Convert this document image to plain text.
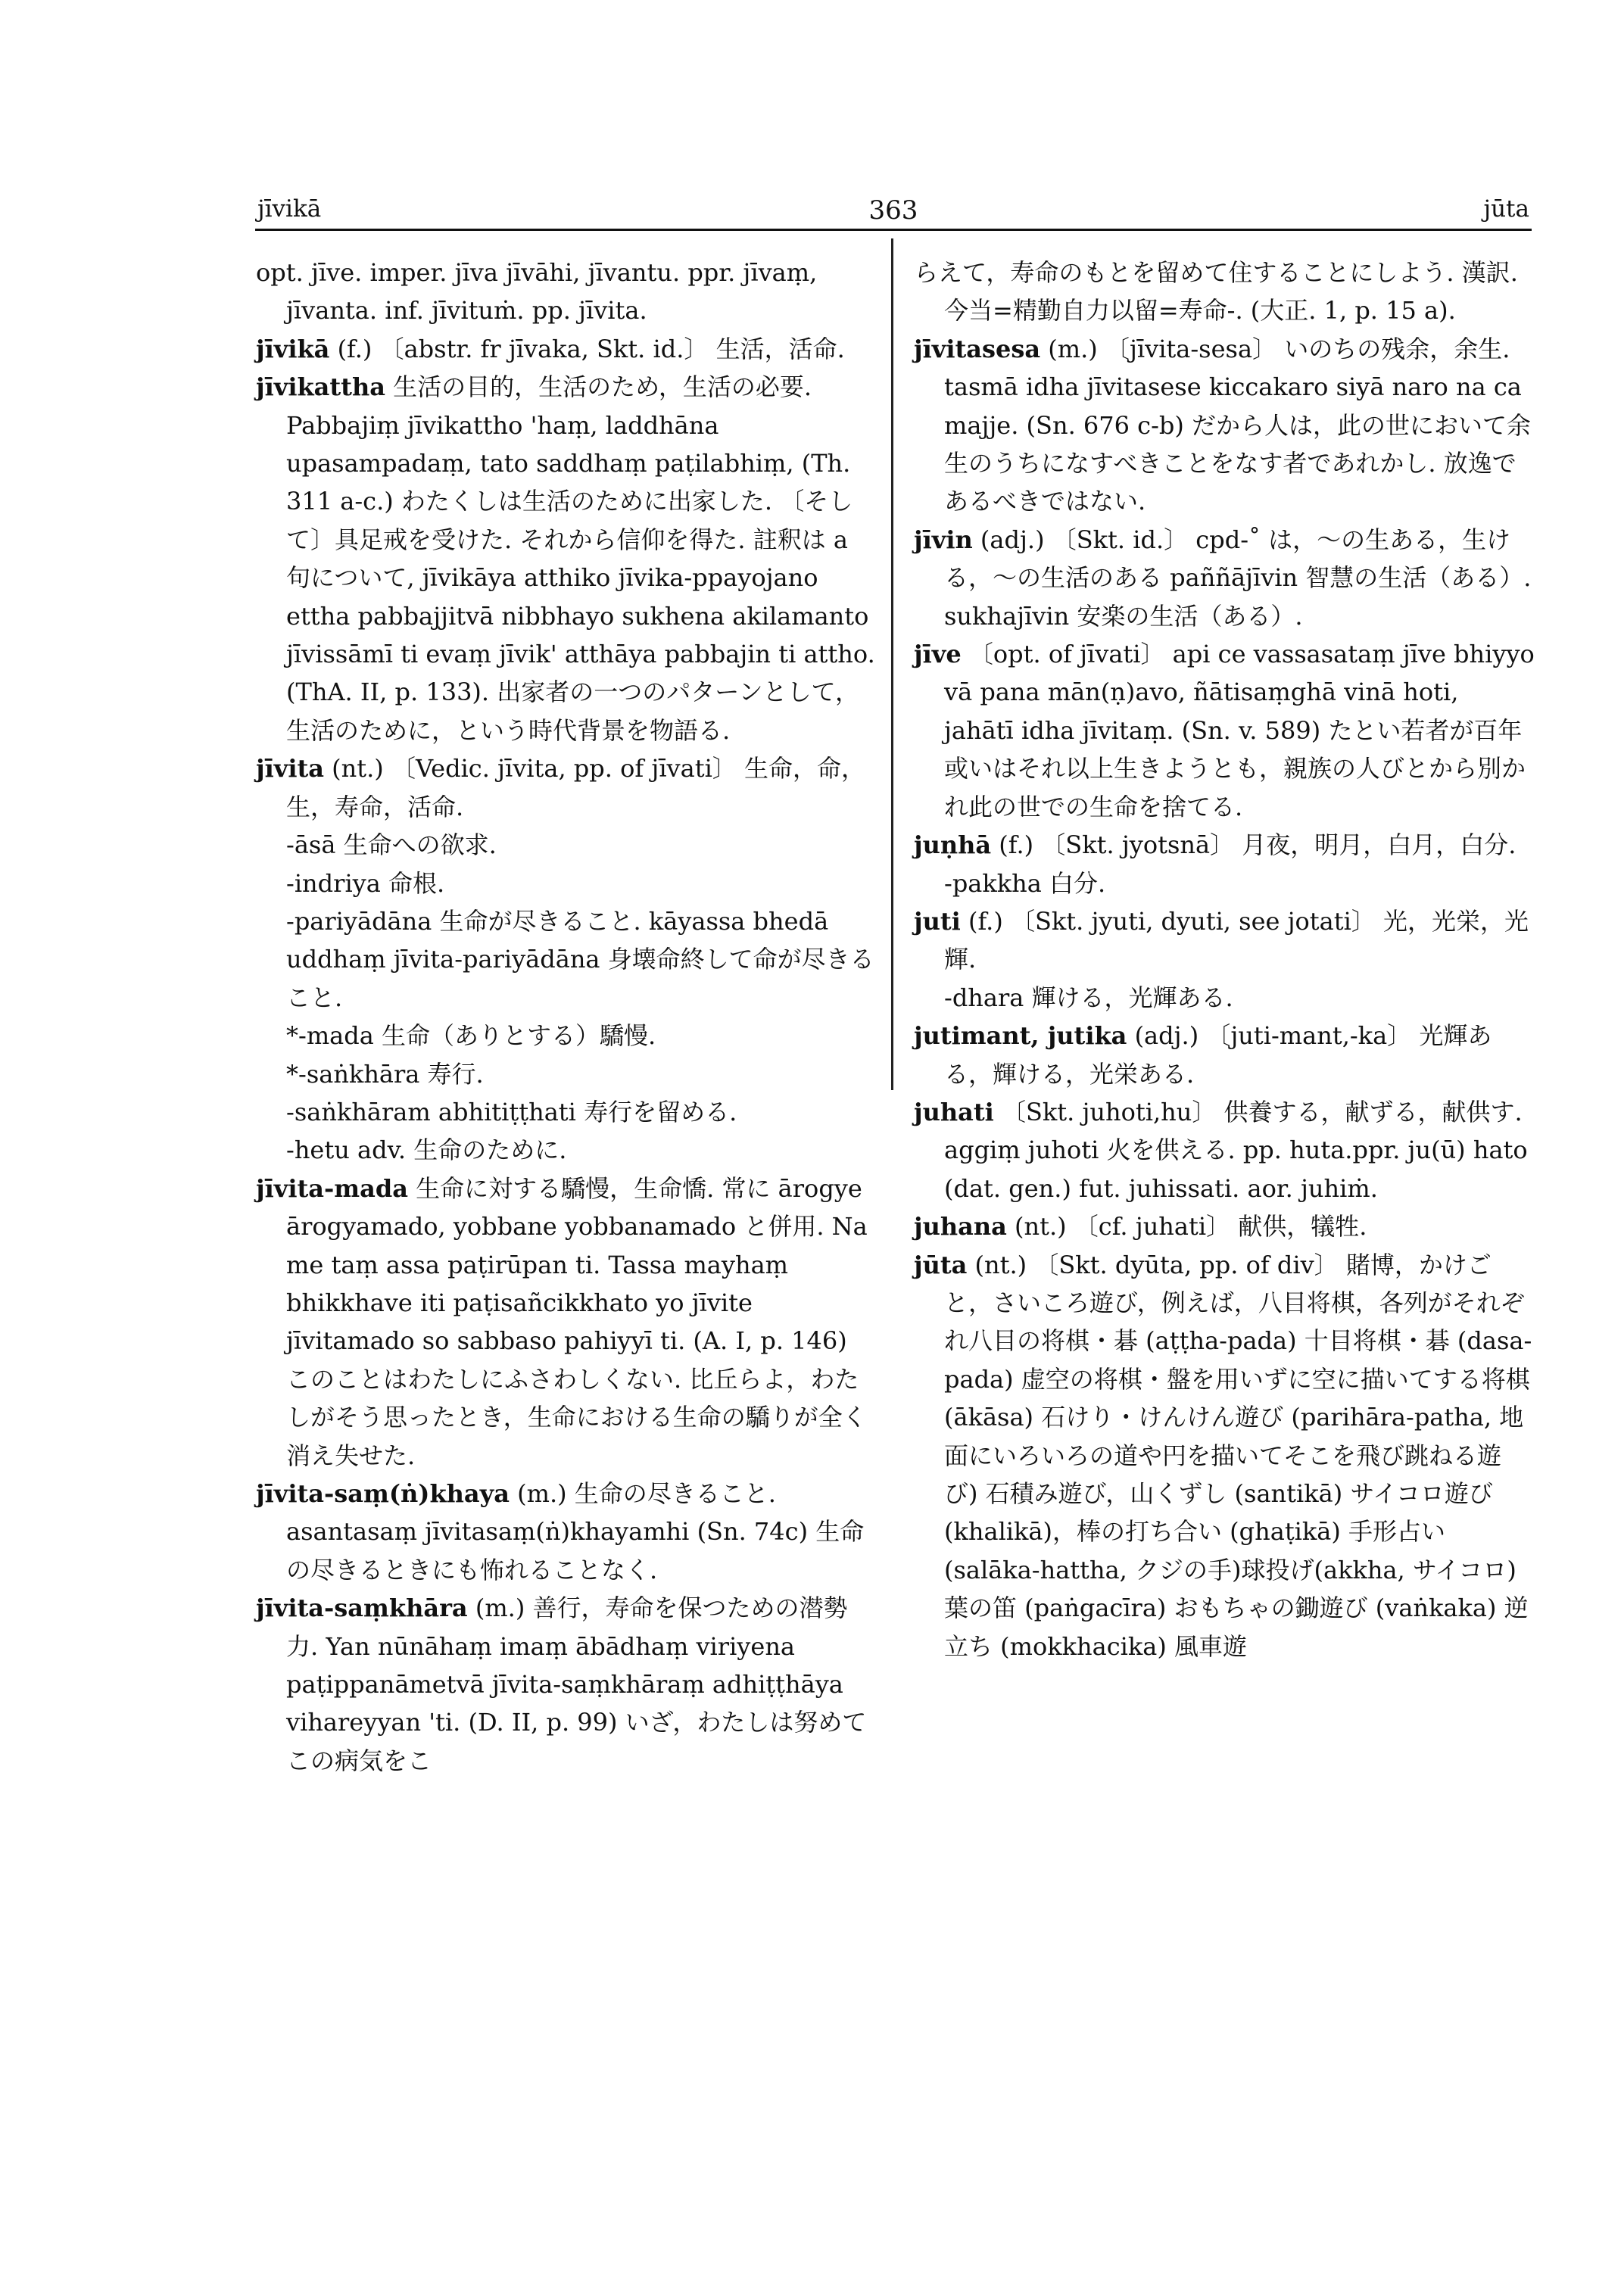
jīvikā	363	jūta

opt. jīve. imper. jīva jīvāhi, jīvantu. ppr. jīvaṃ, jīvanta. inf. jīvituṁ. pp. jīvita.

jīvikā (f.) 〔abstr. fr jīvaka, Skt. id.〕 生活，活命.

jīvikattha 生活の目的，生活のため，生活の必要. Pabbajiṃ jīvikattho 'haṃ, laddhāna upasampadaṃ, tato saddhaṃ paṭilabhiṃ, (Th. 311 a-c.) わたくしは生活のために出家した. 〔そして〕具足戒を受けた. それから信仰を得た. 註釈は a 句について, jīvikāya atthiko jīvika-ppayojano ettha pabbajjitvā nibbhayo sukhena akilamanto jīvissāmī ti evaṃ jīvik' atthāya pabbajin ti attho. (ThA. II, p. 133). 出家者の一つのパターンとして，生活のために，という時代背景を物語る.

jīvita (nt.) 〔Vedic. jīvita, pp. of jīvati〕 生命，命，生，寿命，活命.

-āsā 生命への欲求.

-indriya 命根.

-pariyādāna 生命が尽きること. kāyassa bhedā uddhaṃ jīvita-pariyādāna 身壊命終して命が尽きること.

*-mada 生命（ありとする）驕慢.

*-saṅkhāra 寿行.

-saṅkhāram abhitiṭṭhati 寿行を留める.

-hetu adv. 生命のために.

jīvita-mada 生命に対する驕慢，生命憍. 常に ārogye ārogyamado, yobbane yobbanamado と併用. Na me taṃ assa paṭirūpan ti. Tassa mayhaṃ bhikkhave iti paṭisañcikkhato yo jīvite jīvitamado so sabbaso pahiyyī ti. (A. I, p. 146) このことはわたしにふさわしくない. 比丘らよ，わたしがそう思ったとき，生命における生命の驕りが全く消え失せた.

jīvita-saṃ(ṅ)khaya (m.) 生命の尽きること. asantasaṃ jīvitasaṃ(ṅ)khayamhi (Sn. 74c) 生命の尽きるときにも怖れることなく.

jīvita-saṃkhāra (m.) 善行，寿命を保つための潜勢力. Yan nūnāhaṃ imaṃ ābādhaṃ viriyena paṭippanāmetvā jīvita-saṃkhāraṃ adhiṭṭhāya vihareyyan 'ti. (D. II, p. 99) いざ，わたしは努めてこの病気をこ

らえて，寿命のもとを留めて住することにしよう. 漢訳. 今当=精勤自力以留=寿命-. (大正. 1, p. 15 a).

jīvitasesa (m.) 〔jīvita-sesa〕 いのちの残余，余生. tasmā idha jīvitasese kiccakaro siyā naro na ca majje. (Sn. 676 c-b) だから人は，此の世において余生のうちになすべきことをなす者であれかし. 放逸であるべきではない.

jīvin (adj.) 〔Skt. id.〕 cpd-˚ は，〜の生ある，生ける，〜の生活のある paññājīvin 智慧の生活（ある）. sukhajīvin 安楽の生活（ある）.

jīve 〔opt. of jīvati〕 api ce vassasataṃ jīve bhiyyo vā pana mān(ṇ)avo, ñātisaṃghā vinā hoti, jahātī idha jīvitaṃ. (Sn. v. 589) たとい若者が百年或いはそれ以上生きようとも，親族の人びとから別かれ此の世での生命を捨てる.

juṇhā (f.) 〔Skt. jyotsnā〕 月夜，明月，白月，白分.

-pakkha 白分.

juti (f.) 〔Skt. jyuti, dyuti, see jotati〕 光，光栄，光輝.

-dhara 輝ける，光輝ある.

jutimant, jutika (adj.) 〔juti-mant,-ka〕 光輝ある，輝ける，光栄ある.

juhati 〔Skt. juhoti,hu〕 供養する，献ずる，献供す. aggiṃ juhoti 火を供える. pp. huta.ppr. ju(ū) hato (dat. gen.) fut. juhissati. aor. juhiṁ.

juhana (nt.) 〔cf. juhati〕 献供，犠牲.

jūta (nt.) 〔Skt. dyūta, pp. of div〕 賭博，かけごと，さいころ遊び，例えば，八目将棋，各列がそれぞれ八目の将棋・碁 (aṭṭha-pada) 十目将棋・碁 (dasa-pada) 虚空の将棋・盤を用いずに空に描いてする将棋 (ākāsa) 石けり・けんけん遊び (parihāra-patha, 地面にいろいろの道や円を描いてそこを飛び跳ねる遊び) 石積み遊び，山くずし (santikā) サイコロ遊び (khalikā)，棒の打ち合い (ghaṭikā) 手形占い (salāka-hattha, クジの手)球投げ(akkha, サイコロ) 葉の笛 (paṅgacīra) おもちゃの鋤遊び (vaṅkaka) 逆立ち (mokkhacika) 風車遊
